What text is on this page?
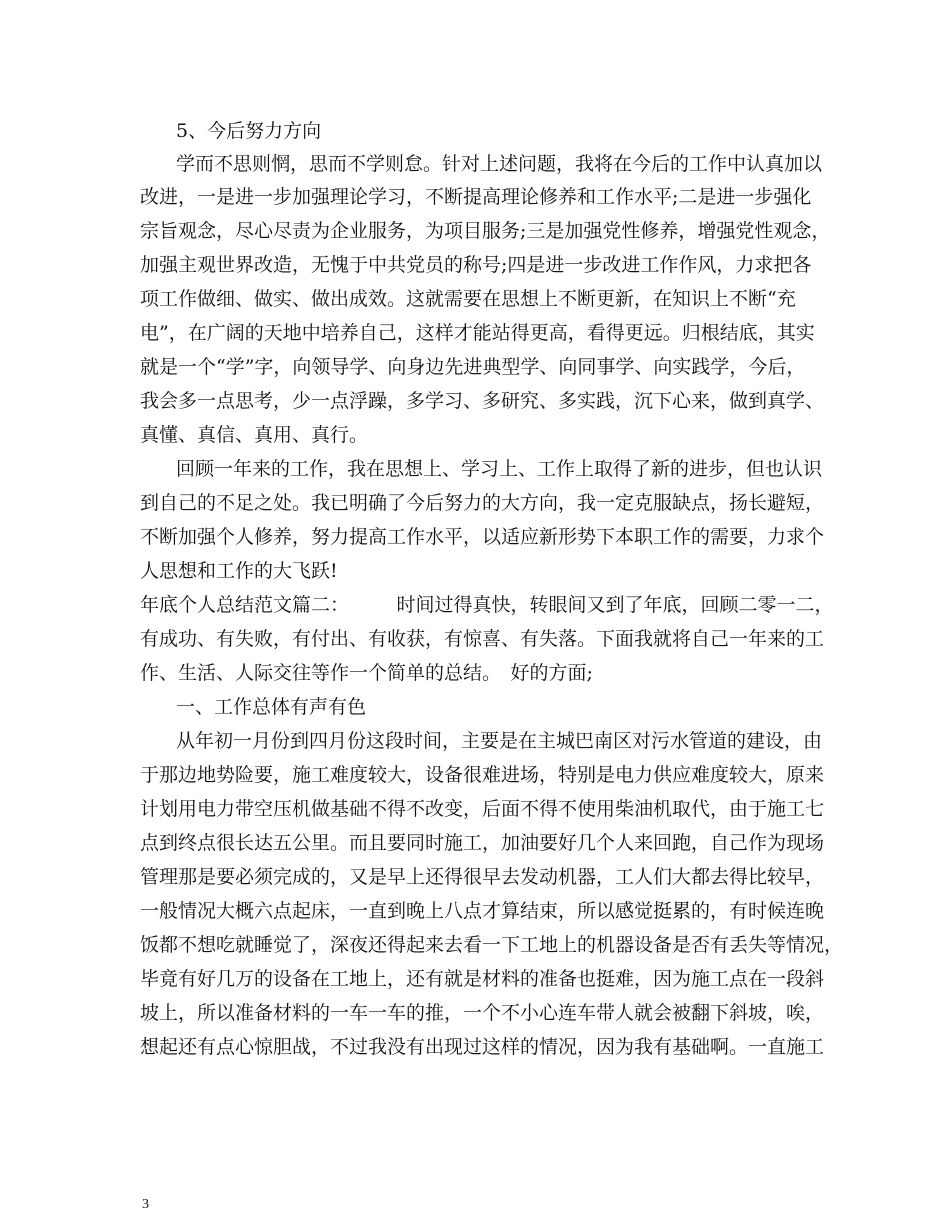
5、今后努力方向
学而不思则惘，思而不学则怠。针对上述问题，我将在今后的工作中认真加以
改进，一是进一步加强理论学习，不断提高理论修养和工作水平;二是进一步强化
宗旨观念，尽心尽责为企业服务，为项目服务;三是加强党性修养，增强党性观念，
加强主观世界改造，无愧于中共党员的称号;四是进一步改进工作作风，力求把各
项工作做细、做实、做出成效。这就需要在思想上不断更新，在知识上不断“充
电”，在广阔的天地中培养自己，这样才能站得更高，看得更远。归根结底，其实
就是一个“学”字，向领导学、向身边先进典型学、向同事学、向实践学，今后，
我会多一点思考，少一点浮躁，多学习、多研究、多实践，沉下心来，做到真学、
真懂、真信、真用、真行。
回顾一年来的工作，我在思想上、学习上、工作上取得了新的进步，但也认识
到自己的不足之处。我已明确了今后努力的大方向，我一定克服缺点，扬长避短，
不断加强个人修养，努力提高工作水平，以适应新形势下本职工作的需要，力求个
人思想和工作的大飞跃!
年底个人总结范文篇二：　　　时间过得真快，转眼间又到了年底，回顾二零一二，
有成功、有失败，有付出、有收获，有惊喜、有失落。下面我就将自己一年来的工
作、生活、人际交往等作一个简单的总结。　好的方面;
一、工作总体有声有色
从年初一月份到四月份这段时间，主要是在主城巴南区对污水管道的建设，由
于那边地势险要，施工难度较大，设备很难进场，特别是电力供应难度较大，原来
计划用电力带空压机做基础不得不改变，后面不得不使用柴油机取代，由于施工七
点到终点很长达五公里。而且要同时施工，加油要好几个人来回跑，自己作为现场
管理那是要必须完成的，又是早上还得很早去发动机器，工人们大都去得比较早，
一般情况大概六点起床，一直到晚上八点才算结束，所以感觉挺累的，有时候连晚
饭都不想吃就睡觉了，深夜还得起来去看一下工地上的机器设备是否有丢失等情况，
毕竟有好几万的设备在工地上，还有就是材料的准备也挺难，因为施工点在一段斜
坡上，所以准备材料的一车一车的推，一个不小心连车带人就会被翻下斜坡，唉，
想起还有点心惊胆战，不过我没有出现过这样的情况，因为我有基础啊。一直施工
3
